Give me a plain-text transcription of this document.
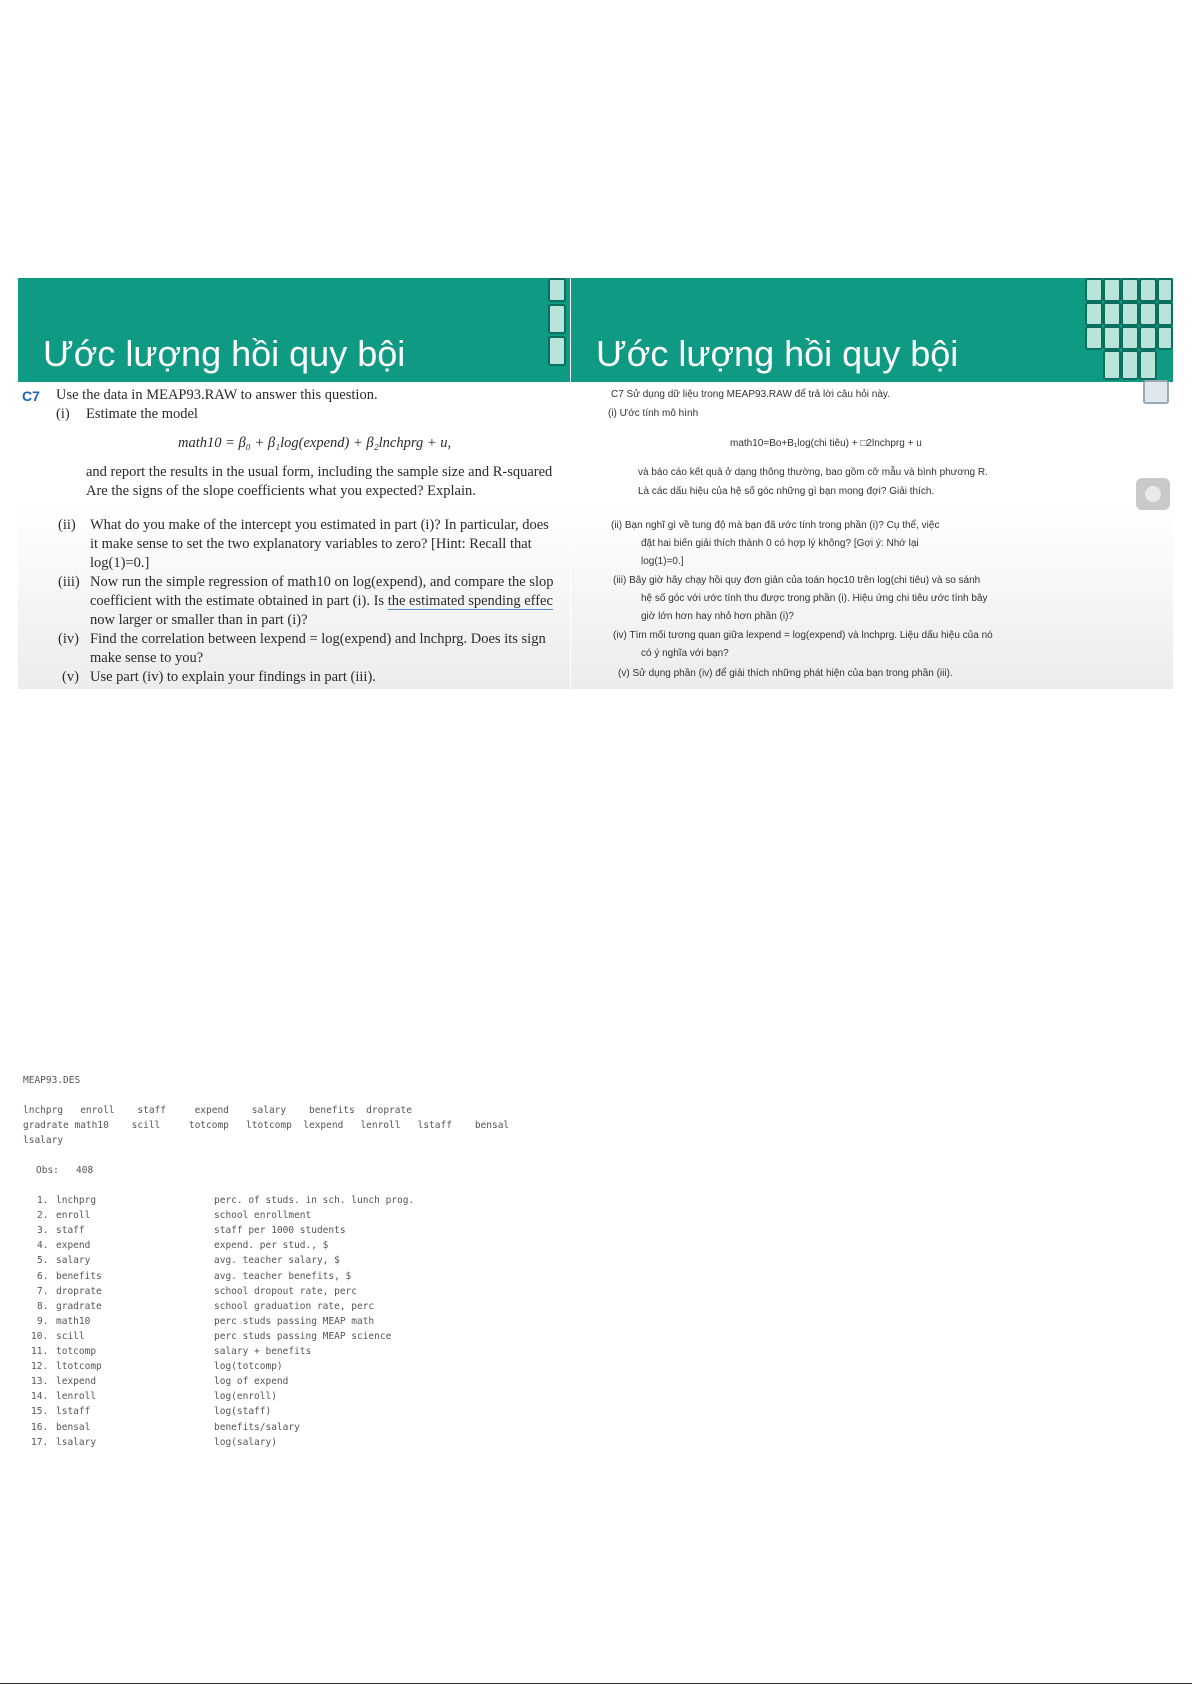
Ước lượng hồi quy bội
C7 Use the data in MEAP93.RAW to answer this question.
(i) Estimate the model
math10 = β₀ + β₁log(expend) + β₂lnchprg + u,
and report the results in the usual form, including the sample size and R-squared
Are the signs of the slope coefficients what you expected? Explain.
(ii) What do you make of the intercept you estimated in part (i)? In particular, does
it make sense to set the two explanatory variables to zero? [Hint: Recall that
log(1)=0.]
(iii) Now run the simple regression of math10 on log(expend), and compare the slop
coefficient with the estimate obtained in part (i). Is the estimated spending effec
now larger or smaller than in part (i)?
(iv) Find the correlation between lexpend = log(expend) and lnchprg. Does its sign
make sense to you?
(v) Use part (iv) to explain your findings in part (iii).
Ước lượng hồi quy bội
C7 Sử dụng dữ liệu trong MEAP93.RAW để trả lời câu hỏi này.
(i) Ước tính mô hình
math10=Bo+B₁log(chi tiêu) + □2lnchprg + u
và báo cáo kết quả ở dạng thông thường, bao gồm cỡ mẫu và bình phương R.
Là các dấu hiệu của hệ số góc những gì bạn mong đợi? Giải thích.
(ii) Bạn nghĩ gì về tung độ mà bạn đã ước tính trong phần (i)? Cụ thể, việc
đặt hai biến giải thích thành 0 có hợp lý không? [Gợi ý: Nhớ lại
log(1)=0.]
(iii) Bây giờ hãy chạy hồi quy đơn giản của toán học10 trên log(chi tiêu) và so sánh
hệ số góc với ước tính thu được trong phần (i). Hiệu ứng chi tiêu ước tính bây
giờ lớn hơn hay nhỏ hơn phần (i)?
(iv) Tìm mối tương quan giữa lexpend = log(expend) và lnchprg. Liệu dấu hiệu của nó
có ý nghĩa với bạn?
(v) Sử dụng phần (iv) để giải thích những phát hiện của bạn trong phần (iii).
MEAP93.DES
lnchprg   enroll    staff     expend    salary    benefits  droprate
gradrate math10    scill     totcomp   ltotcomp  lexpend   lenroll   lstaff    bensal
lsalary
Obs:   408
1. lnchprg	perc. of studs. in sch. lunch prog.
2. enroll	school enrollment
3. staff	staff per 1000 students
4. expend	expend. per stud., $
5. salary	avg. teacher salary, $
6. benefits	avg. teacher benefits, $
7. droprate	school dropout rate, perc
8. gradrate	school graduation rate, perc
9. math10	perc studs passing MEAP math
10. scill	perc studs passing MEAP science
11. totcomp	salary + benefits
12. ltotcomp	log(totcomp)
13. lexpend	log of expend
14. lenroll	log(enroll)
15. lstaff	log(staff)
16. bensal	benefits/salary
17. lsalary	log(salary)
